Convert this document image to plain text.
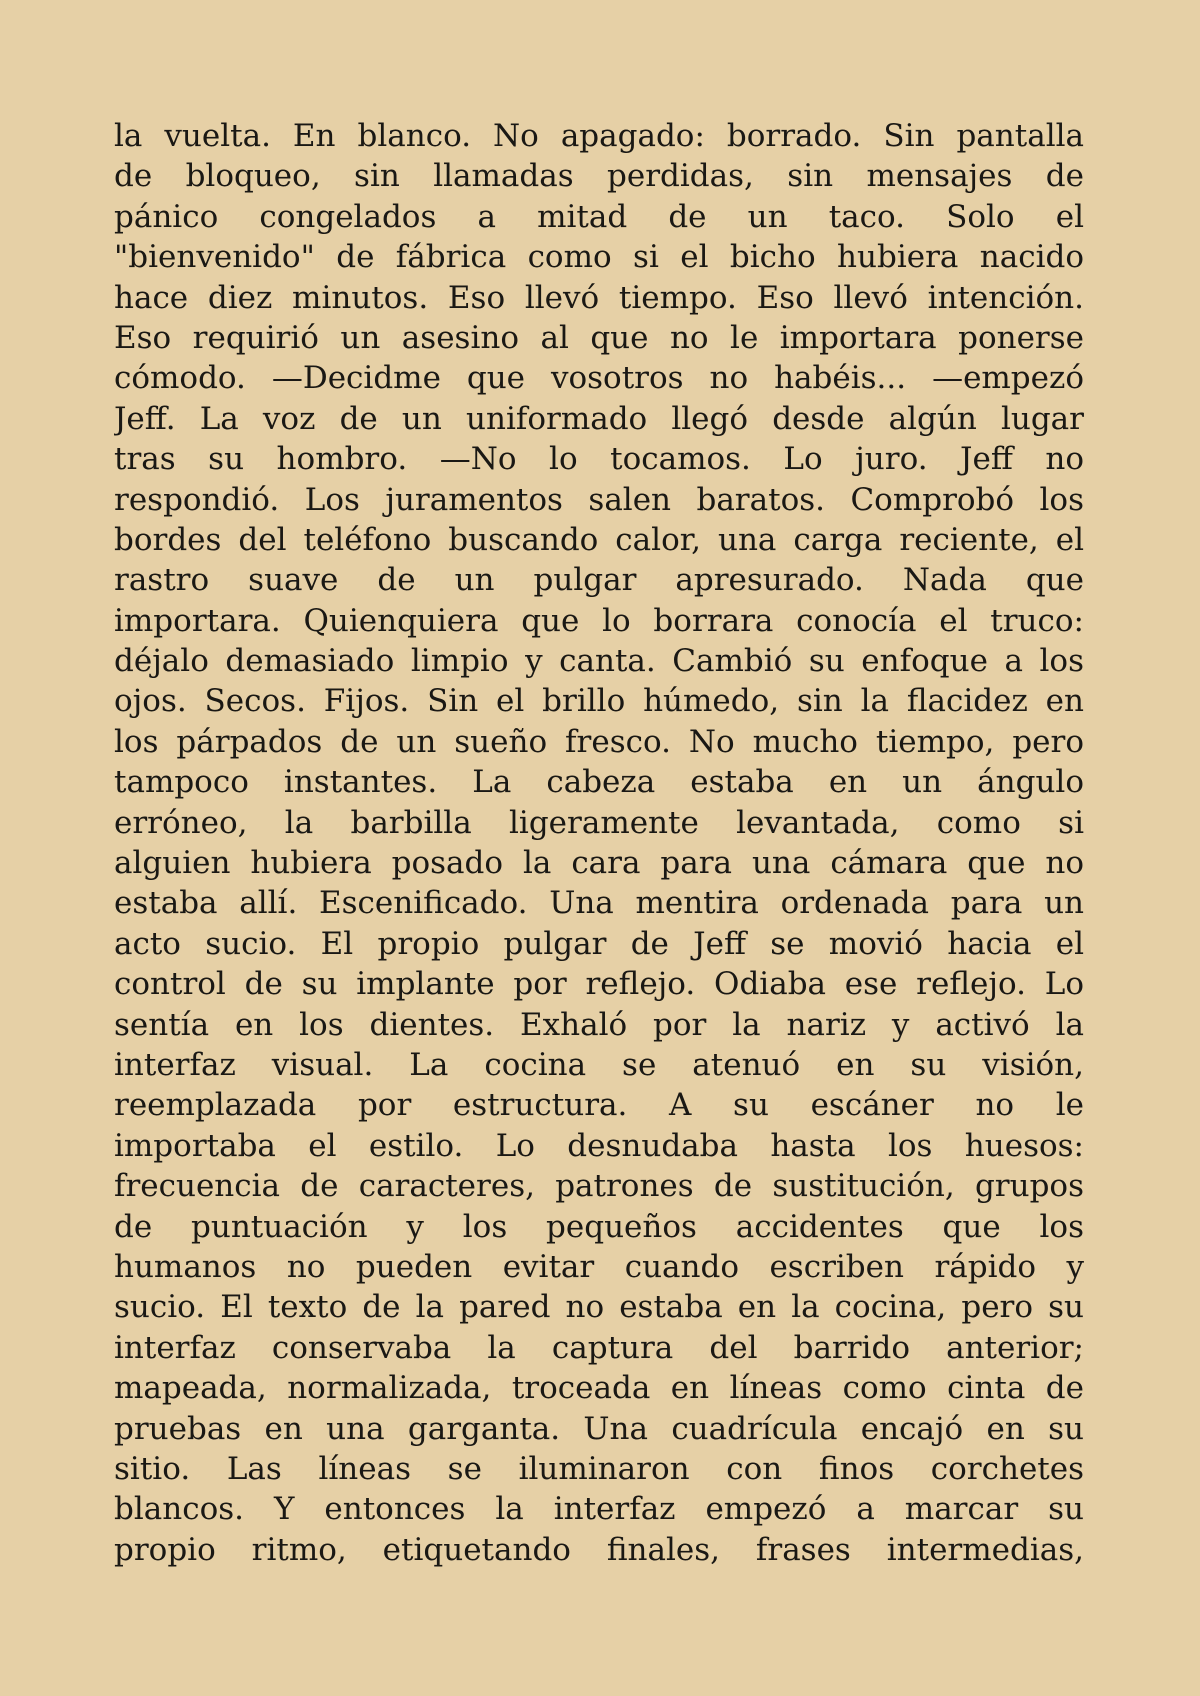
la vuelta. En blanco. No apagado: borrado. Sin pantalla
de bloqueo, sin llamadas perdidas, sin mensajes de
pánico congelados a mitad de un taco. Solo el
"bienvenido" de fábrica como si el bicho hubiera nacido
hace diez minutos. Eso llevó tiempo. Eso llevó intención.
Eso requirió un asesino al que no le importara ponerse
cómodo. —Decidme que vosotros no habéis... —empezó
Jeff. La voz de un uniformado llegó desde algún lugar
tras su hombro. —No lo tocamos. Lo juro. Jeff no
respondió. Los juramentos salen baratos. Comprobó los
bordes del teléfono buscando calor, una carga reciente, el
rastro suave de un pulgar apresurado. Nada que
importara. Quienquiera que lo borrara conocía el truco:
déjalo demasiado limpio y canta. Cambió su enfoque a los
ojos. Secos. Fijos. Sin el brillo húmedo, sin la flacidez en
los párpados de un sueño fresco. No mucho tiempo, pero
tampoco instantes. La cabeza estaba en un ángulo
erróneo, la barbilla ligeramente levantada, como si
alguien hubiera posado la cara para una cámara que no
estaba allí. Escenificado. Una mentira ordenada para un
acto sucio. El propio pulgar de Jeff se movió hacia el
control de su implante por reflejo. Odiaba ese reflejo. Lo
sentía en los dientes. Exhaló por la nariz y activó la
interfaz visual. La cocina se atenuó en su visión,
reemplazada por estructura. A su escáner no le
importaba el estilo. Lo desnudaba hasta los huesos:
frecuencia de caracteres, patrones de sustitución, grupos
de puntuación y los pequeños accidentes que los
humanos no pueden evitar cuando escriben rápido y
sucio. El texto de la pared no estaba en la cocina, pero su
interfaz conservaba la captura del barrido anterior;
mapeada, normalizada, troceada en líneas como cinta de
pruebas en una garganta. Una cuadrícula encajó en su
sitio. Las líneas se iluminaron con finos corchetes
blancos. Y entonces la interfaz empezó a marcar su
propio ritmo, etiquetando finales, frases intermedias,
